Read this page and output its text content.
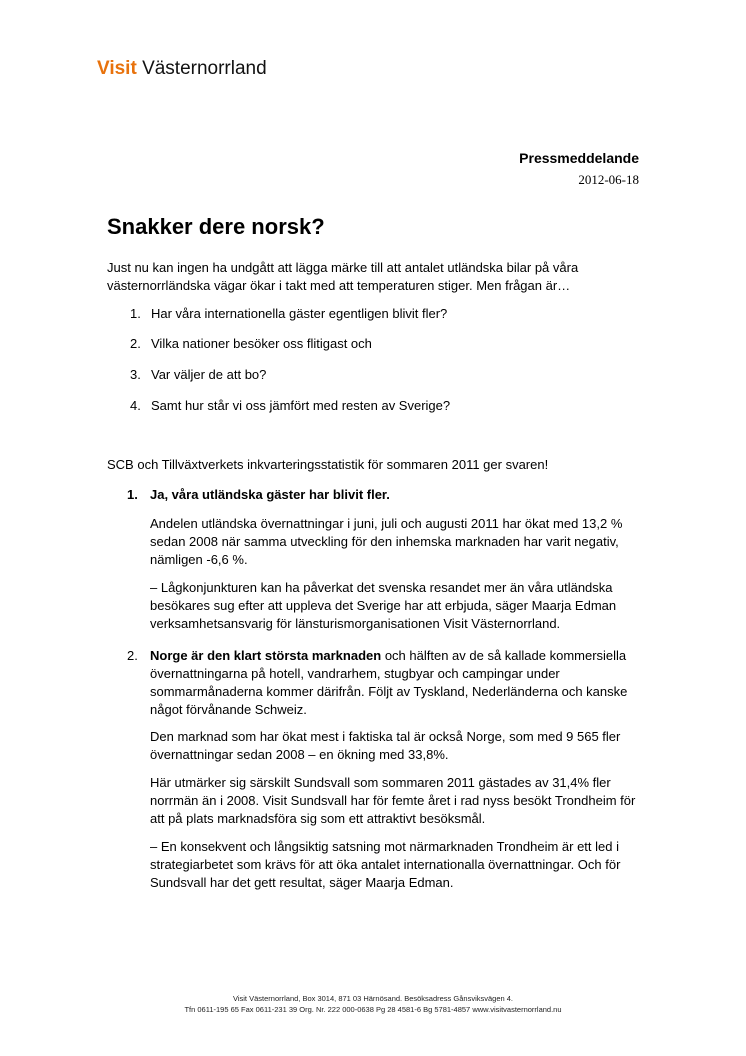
Visit Västernorrland
Pressmeddelande
2012-06-18
Snakker dere norsk?

Just nu kan ingen ha undgått att lägga märke till att antalet utländska bilar på våra västernorrländska vägar ökar i takt med att temperaturen stiger. Men frågan är…

1. Har våra internationella gäster egentligen blivit fler?
2. Vilka nationer besöker oss flitigast och
3. Var väljer de att bo?
4. Samt hur står vi oss jämfört med resten av Sverige?

SCB och Tillväxtverkets inkvarteringsstatistik för sommaren 2011 ger svaren!

1. Ja, våra utländska gäster har blivit fler.

Andelen utländska övernattningar i juni, juli och augusti 2011 har ökat med 13,2 % sedan 2008 när samma utveckling för den inhemska marknaden har varit negativ, nämligen -6,6 %.

– Lågkonjunkturen kan ha påverkat det svenska resandet mer än våra utländska besökares sug efter att uppleva det Sverige har att erbjuda, säger Maarja Edman verksamhetsansvarig för länsturismorganisationen Visit Västernorrland.

2. Norge är den klart största marknaden och hälften av de så kallade kommersiella övernattningarna på hotell, vandrarhem, stugbyar och campingar under sommarmånaderna kommer därifrån. Följt av Tyskland, Nederländerna och kanske något förvånande Schweiz.

Den marknad som har ökat mest i faktiska tal är också Norge, som med 9 565 fler övernattningar sedan 2008 – en ökning med 33,8%.

Här utmärker sig särskilt Sundsvall som sommaren 2011 gästades av 31,4% fler norrmän än i 2008. Visit Sundsvall har för femte året i rad nyss besökt Trondheim för att på plats marknadsföra sig som ett attraktivt besöksmål.

– En konsekvent och långsiktig satsning mot närmarknaden Trondheim är ett led i strategiarbetet som krävs för att öka antalet internationalla övernattningar. Och för Sundsvall har det gett resultat, säger Maarja Edman.

Visit Västernorrland, Box 3014, 871 03 Härnösand. Besöksadress Gånsviksvägen 4.
Tfn 0611-195 65 Fax 0611-231 39 Org. Nr. 222 000-0638 Pg 28 4581-6 Bg 5781-4857 www.visitvasternorrland.nu
